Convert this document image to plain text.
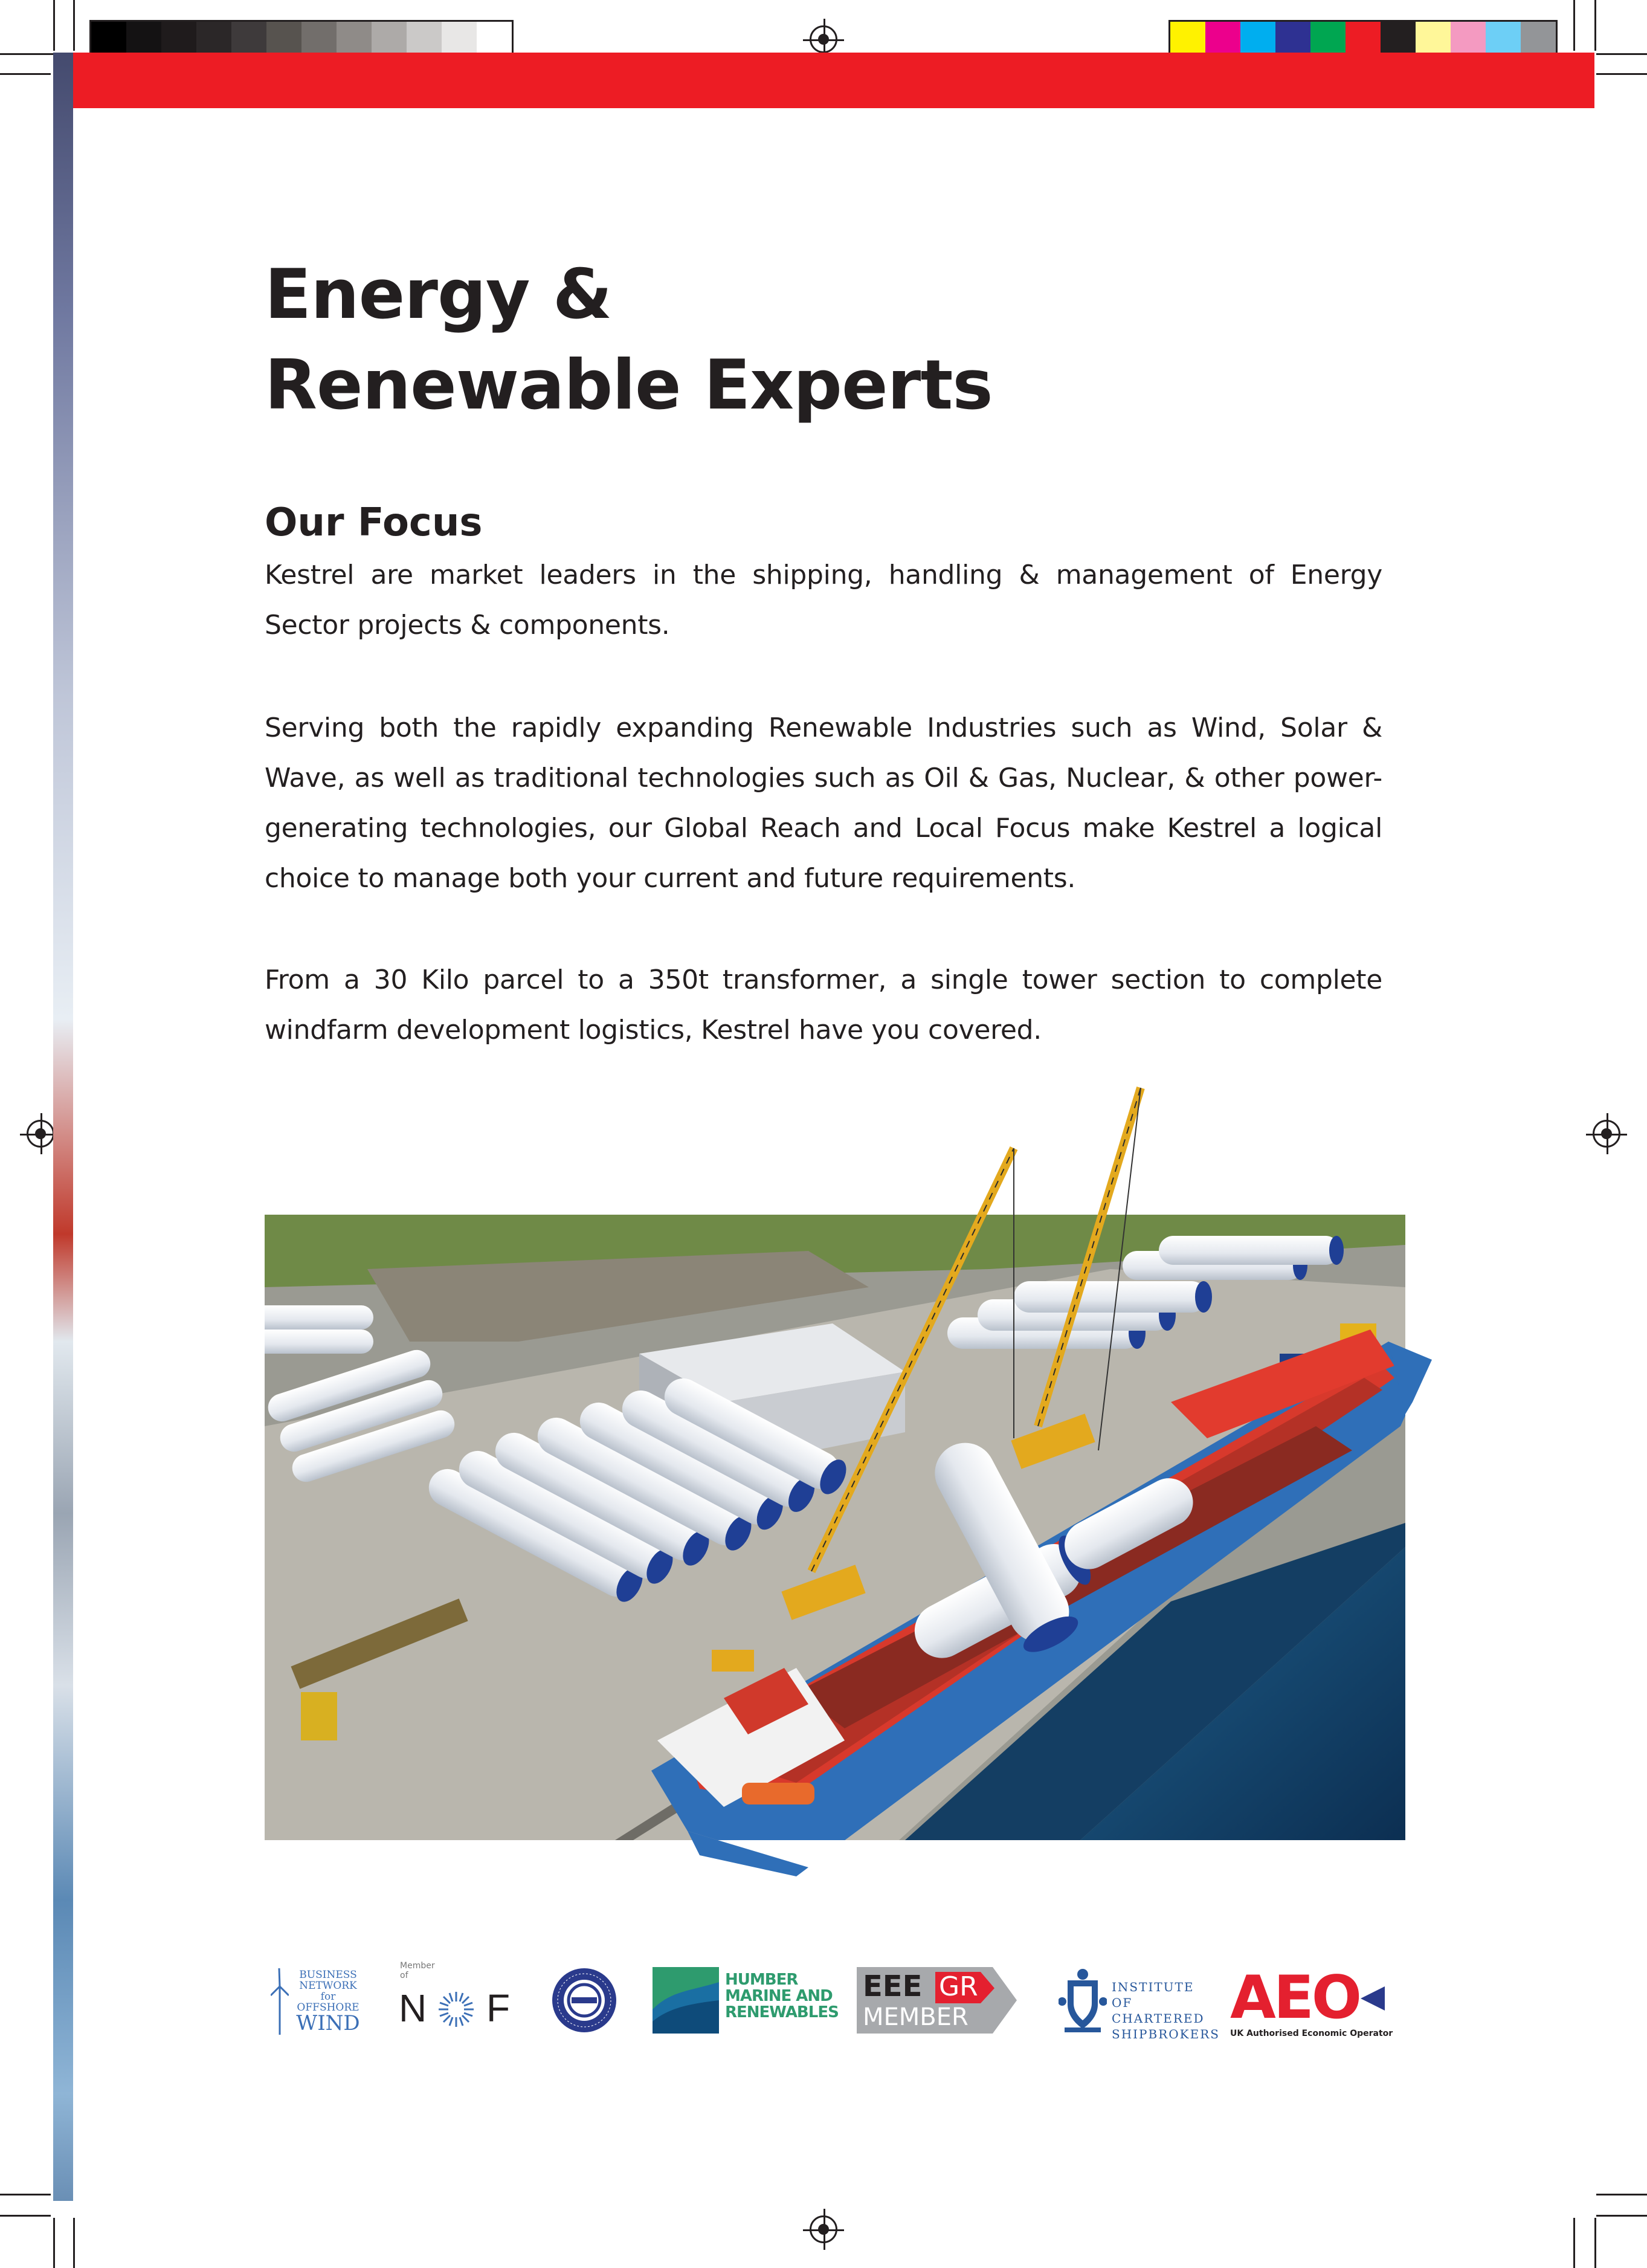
Energy &
Renewable Experts
Our Focus

Kestrel are market leaders in the shipping, handling & management of Energy Sector projects & components.

Serving both the rapidly expanding Renewable Industries such as Wind, Solar & Wave, as well as traditional technologies such as Oil & Gas, Nuclear, & other power-generating technologies, our Global Reach and Local Focus make Kestrel a logical choice to manage both your current and future requirements.

From a 30 Kilo parcel to a 350t transformer, a single tower section to complete windfarm development logistics, Kestrel have you covered.

BUSINESS
NETWORK for
OFFSHORE
WIND
Member
of
N F
HUMBER
MARINE AND
RENEWABLES
EEE GR
MEMBER
INSTITUTE OF
CHARTERED
SHIPBROKERS
AEO
UK Authorised Economic Operator
